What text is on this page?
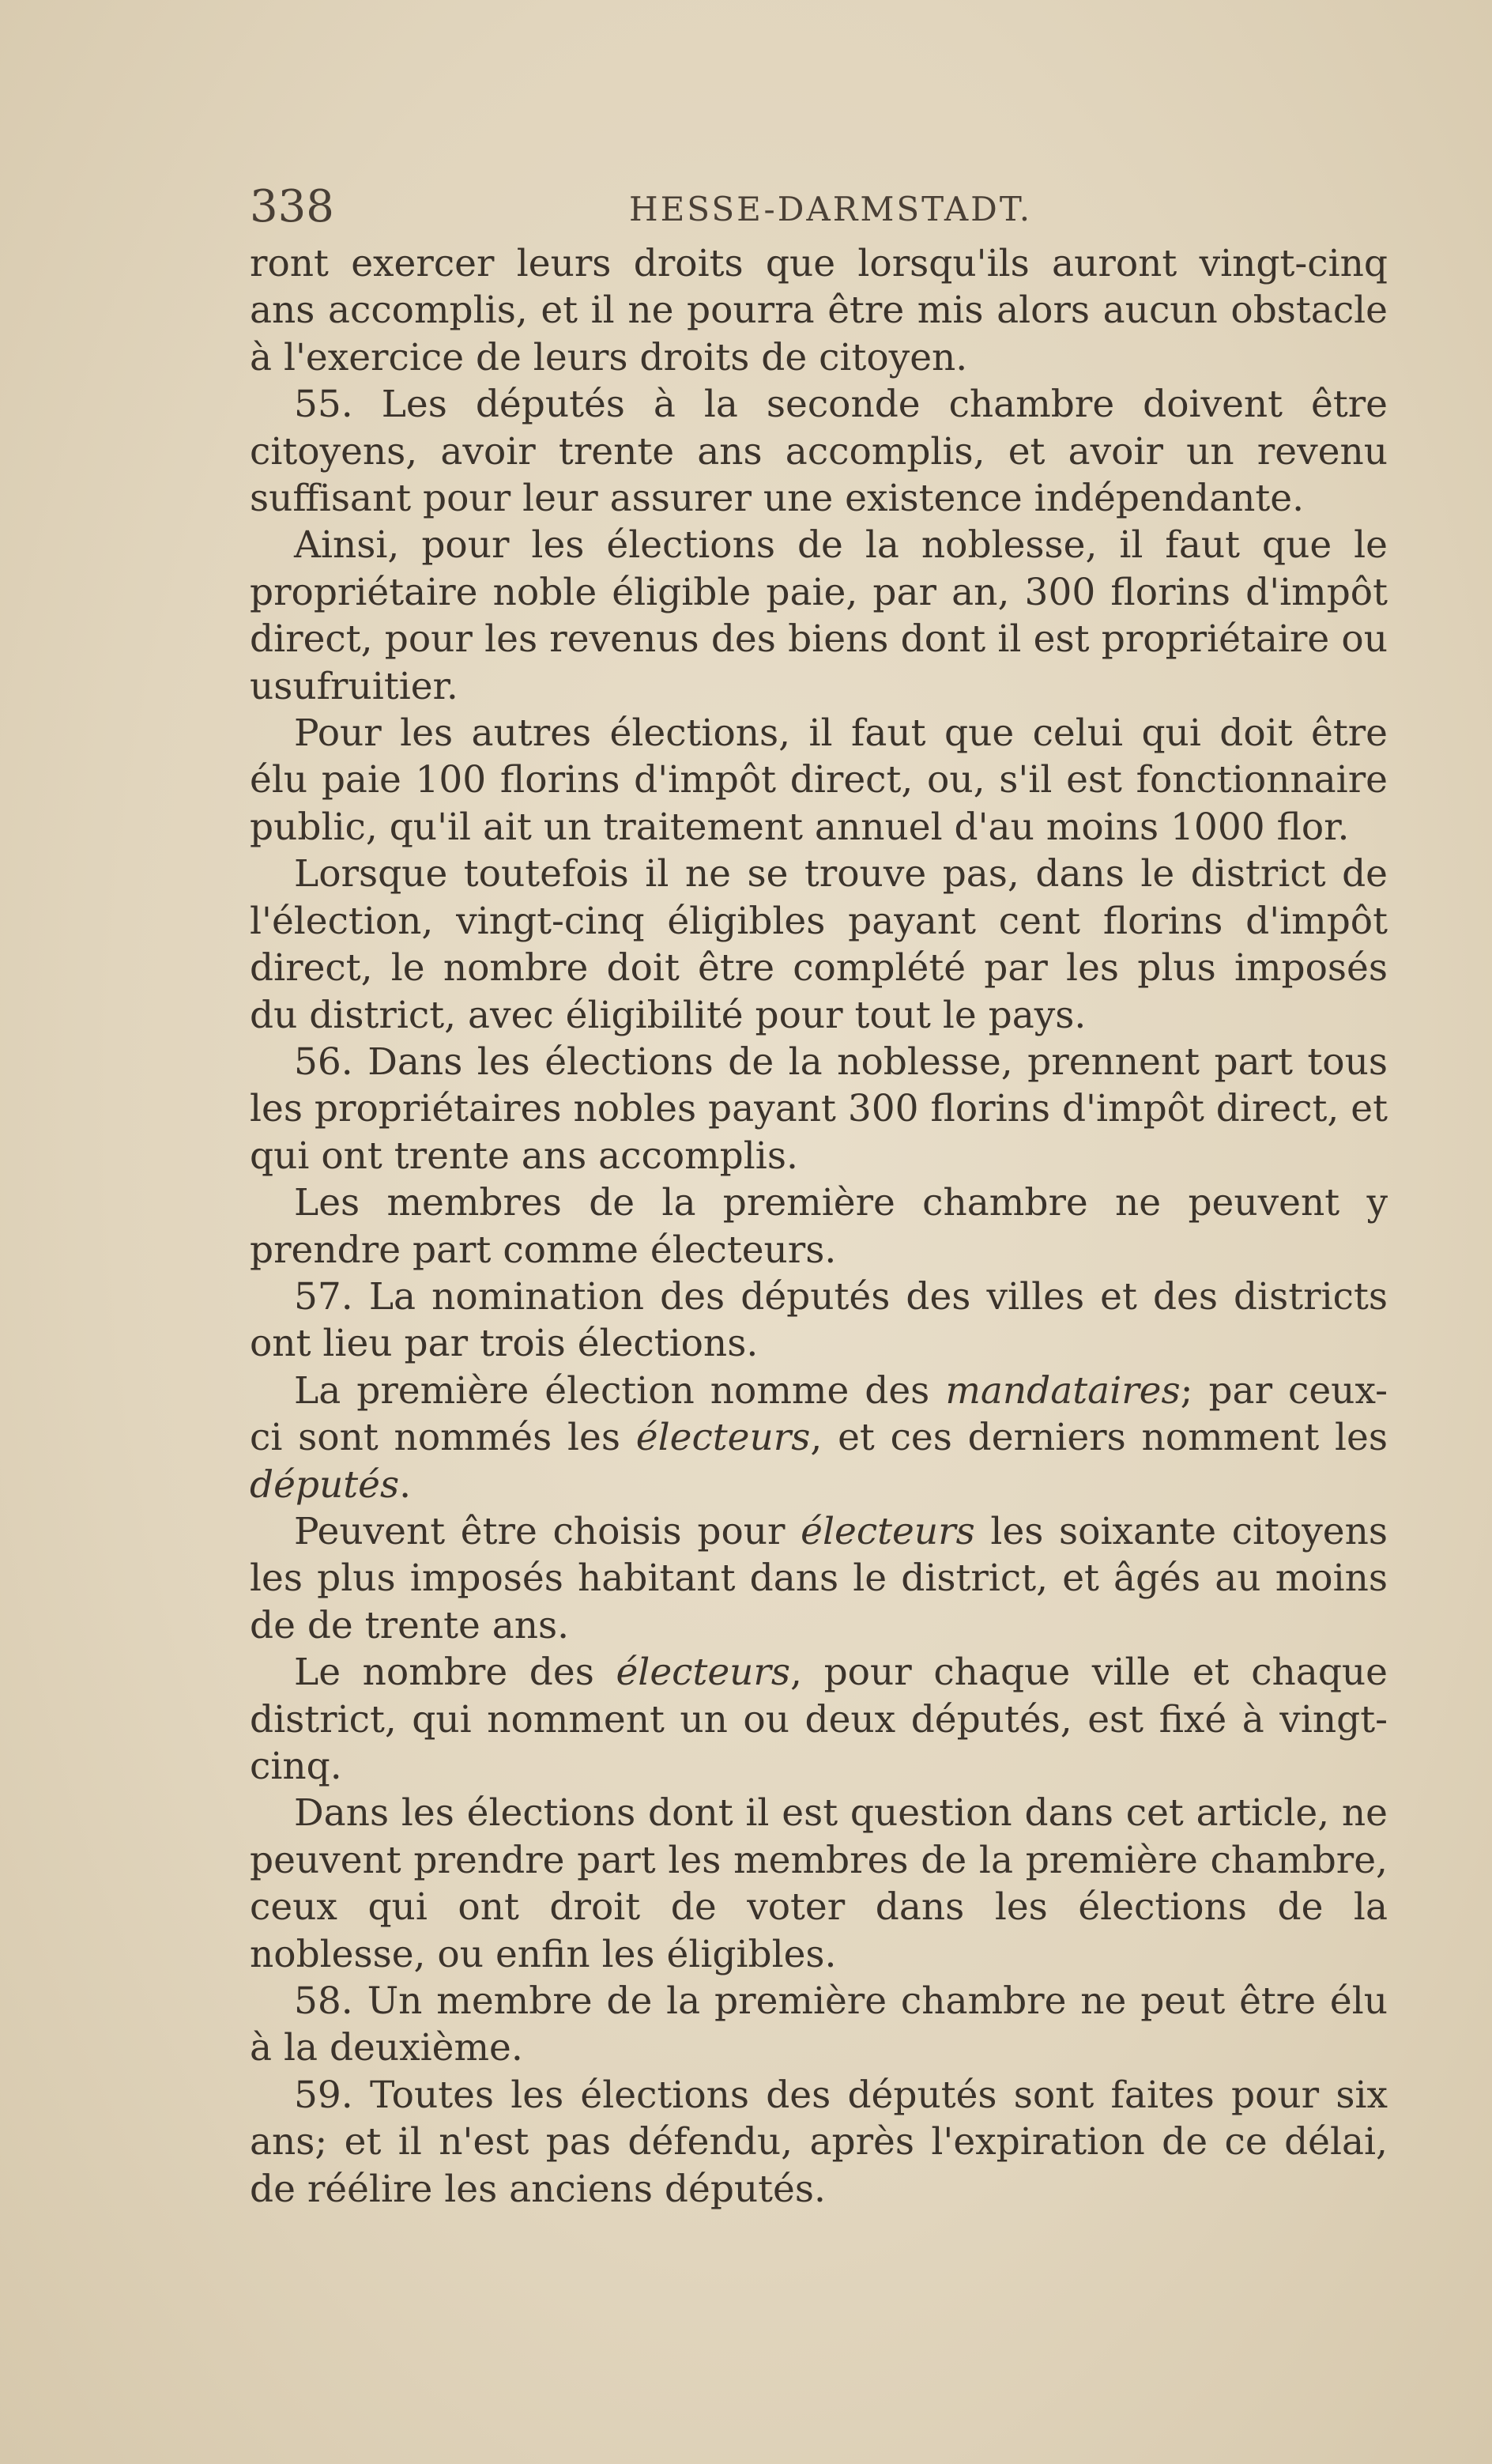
338	HESSE-DARMSTADT.

ront exercer leurs droits que lorsqu'ils auront vingt-cinq ans accomplis, et il ne pourra être mis alors aucun obstacle à l'exercice de leurs droits de citoyen.

55. Les députés à la seconde chambre doivent être citoyens, avoir trente ans accomplis, et avoir un revenu suffisant pour leur assurer une existence indépendante.

Ainsi, pour les élections de la noblesse, il faut que le propriétaire noble éligible paie, par an, 300 florins d'impôt direct, pour les revenus des biens dont il est propriétaire ou usufruitier.

Pour les autres élections, il faut que celui qui doit être élu paie 100 florins d'impôt direct, ou, s'il est fonctionnaire public, qu'il ait un traitement annuel d'au moins 1000 flor.

Lorsque toutefois il ne se trouve pas, dans le district de l'élection, vingt-cinq éligibles payant cent florins d'impôt direct, le nombre doit être complété par les plus imposés du district, avec éligibilité pour tout le pays.

56. Dans les élections de la noblesse, prennent part tous les propriétaires nobles payant 300 florins d'impôt direct, et qui ont trente ans accomplis.

Les membres de la première chambre ne peuvent y prendre part comme électeurs.

57. La nomination des députés des villes et des districts ont lieu par trois élections.

La première élection nomme des mandataires; par ceux-ci sont nommés les électeurs, et ces derniers nomment les députés.

Peuvent être choisis pour électeurs les soixante citoyens les plus imposés habitant dans le district, et âgés au moins de de trente ans.

Le nombre des électeurs, pour chaque ville et chaque district, qui nomment un ou deux députés, est fixé à vingt-cinq.

Dans les élections dont il est question dans cet article, ne peuvent prendre part les membres de la première chambre, ceux qui ont droit de voter dans les élections de la noblesse, ou enfin les éligibles.

58. Un membre de la première chambre ne peut être élu à la deuxième.

59. Toutes les élections des députés sont faites pour six ans; et il n'est pas défendu, après l'expiration de ce délai, de réélire les anciens députés.
